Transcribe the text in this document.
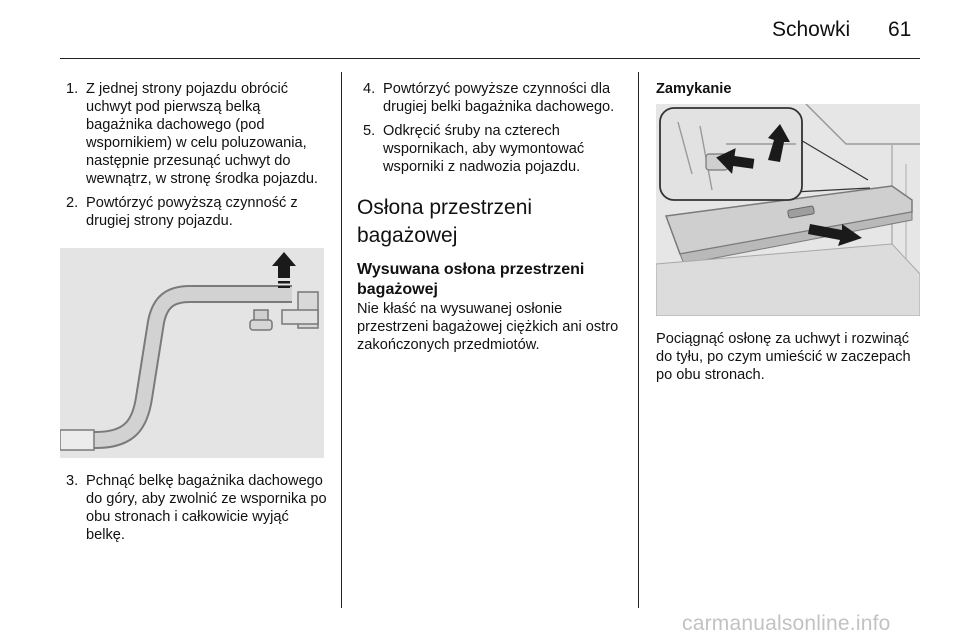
Schowki 61
1. Z jednej strony pojazdu obrócić uchwyt pod pierwszą belką bagażnika dachowego (pod wspornikiem) w celu poluzowania, następnie przesunąć uchwyt do wewnątrz, w stronę środka pojazdu.
2. Powtórzyć powyższą czynność z drugiej strony pojazdu.
3. Pchnąć belkę bagażnika dachowego do góry, aby zwolnić ze wspornika po obu stronach i całkowicie wyjąć belkę.
4. Powtórzyć powyższe czynności dla drugiej belki bagażnika dachowego.
5. Odkręcić śruby na czterech wspornikach, aby wymontować wsporniki z nadwozia pojazdu.
Osłona przestrzeni bagażowej
Wysuwana osłona przestrzeni bagażowej

Nie kłaść na wysuwanej osłonie przestrzeni bagażowej ciężkich ani ostro zakończonych przedmiotów.

Zamykanie

Pociągnąć osłonę za uchwyt i rozwinąć do tyłu, po czym umieścić w zaczepach po obu stronach.

carmanualsonline.info
